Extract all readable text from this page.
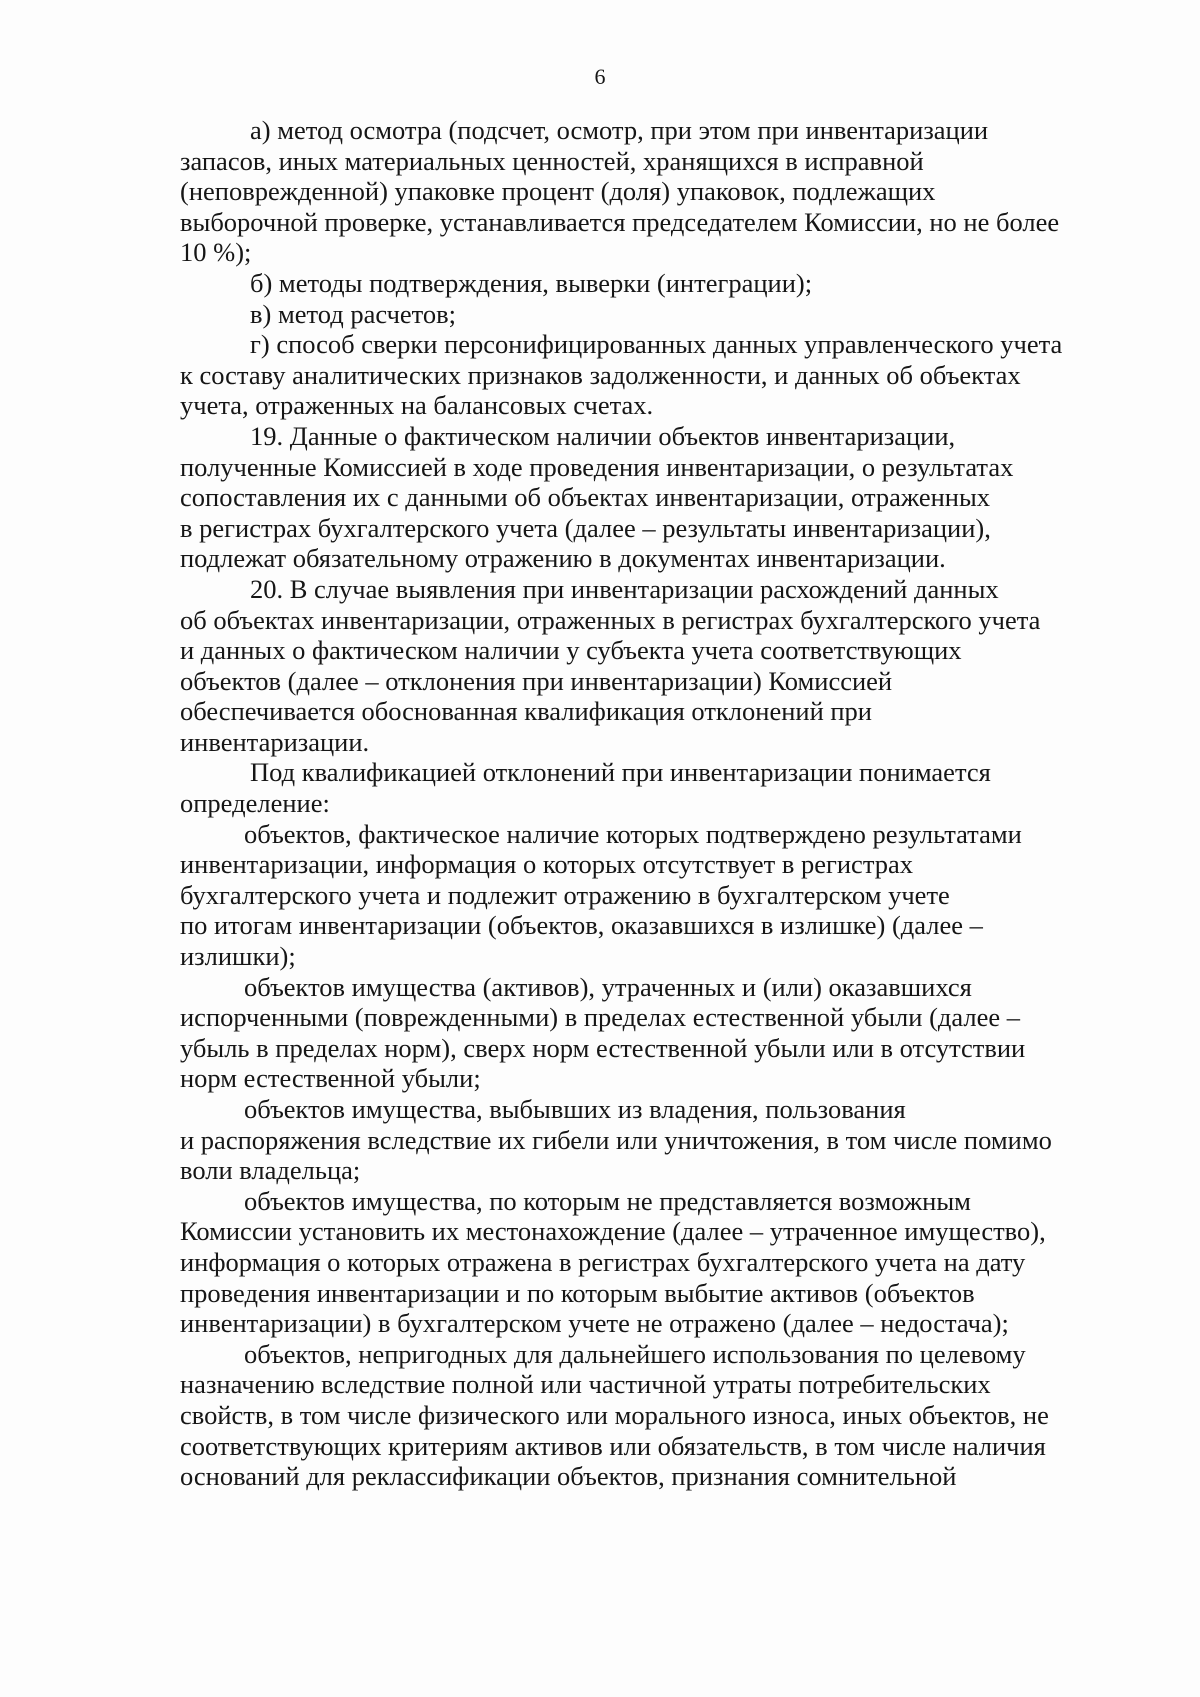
6

а) метод осмотра (подсчет, осмотр, при этом при инвентаризации
запасов, иных материальных ценностей, хранящихся в исправной
(неповрежденной) упаковке процент (доля) упаковок, подлежащих
выборочной проверке, устанавливается председателем Комиссии, но не более
10 %);

б) методы подтверждения, выверки (интеграции);

в) метод расчетов;

г) способ сверки персонифицированных данных управленческого учета
к составу аналитических признаков задолженности, и данных об объектах
учета, отраженных на балансовых счетах.

19. Данные о фактическом наличии объектов инвентаризации,
полученные Комиссией в ходе проведения инвентаризации, о результатах
сопоставления их с данными об объектах инвентаризации, отраженных
в регистрах бухгалтерского учета (далее – результаты инвентаризации),
подлежат обязательному отражению в документах инвентаризации.

20. В случае выявления при инвентаризации расхождений данных
об объектах инвентаризации, отраженных в регистрах бухгалтерского учета
и данных о фактическом наличии у субъекта учета соответствующих
объектов (далее – отклонения при инвентаризации) Комиссией
обеспечивается обоснованная квалификация отклонений при
инвентаризации.

Под квалификацией отклонений при инвентаризации понимается
определение:

объектов, фактическое наличие которых подтверждено результатами
инвентаризации, информация о которых отсутствует в регистрах
бухгалтерского учета и подлежит отражению в бухгалтерском учете
по итогам инвентаризации (объектов, оказавшихся в излишке) (далее –
излишки);

объектов имущества (активов), утраченных и (или) оказавшихся
испорченными (поврежденными) в пределах естественной убыли (далее –
убыль в пределах норм), сверх норм естественной убыли или в отсутствии
норм естественной убыли;

объектов имущества, выбывших из владения, пользования
и распоряжения вследствие их гибели или уничтожения, в том числе помимо
воли владельца;

объектов имущества, по которым не представляется возможным
Комиссии установить их местонахождение (далее – утраченное имущество),
информация о которых отражена в регистрах бухгалтерского учета на дату
проведения инвентаризации и по которым выбытие активов (объектов
инвентаризации) в бухгалтерском учете не отражено (далее – недостача);

объектов, непригодных для дальнейшего использования по целевому
назначению вследствие полной или частичной утраты потребительских
свойств, в том числе физического или морального износа, иных объектов, не
соответствующих критериям активов или обязательств, в том числе наличия
оснований для реклассификации объектов, признания сомнительной
